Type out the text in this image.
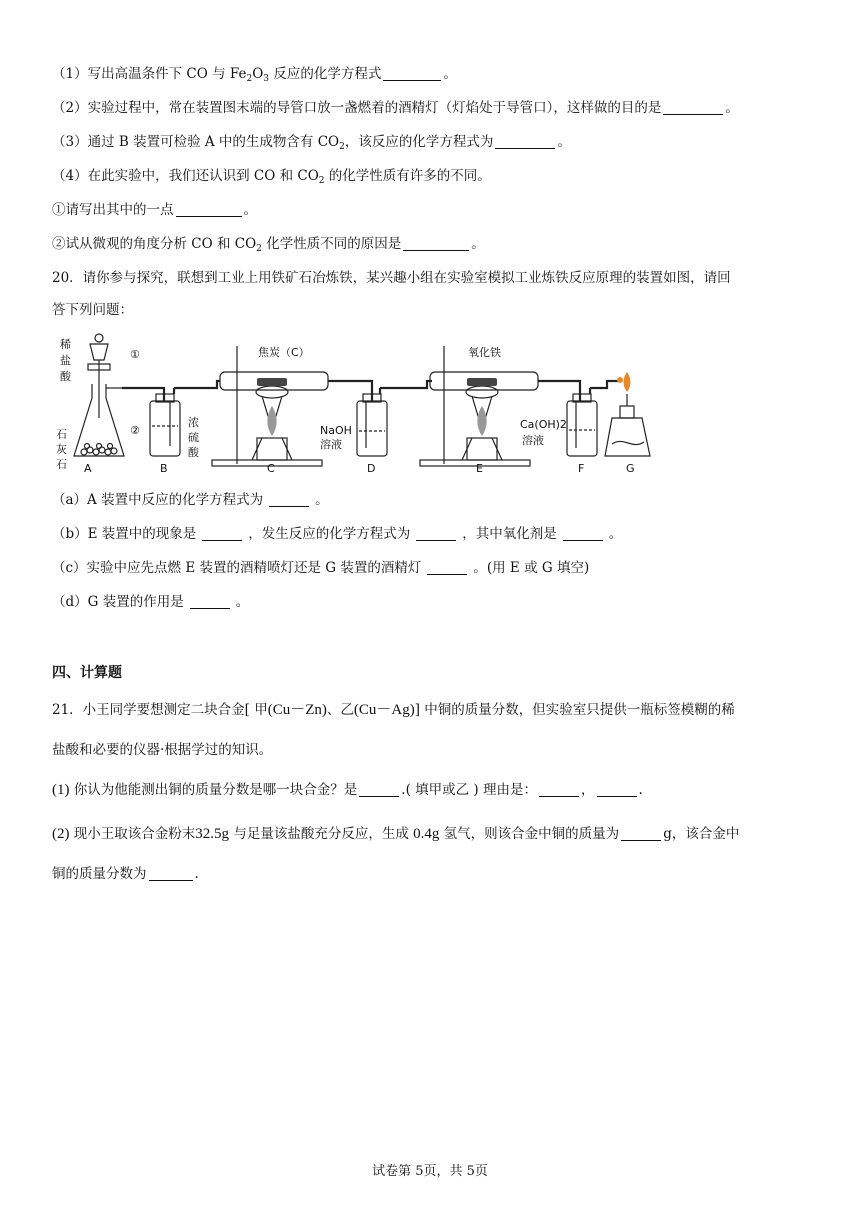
（1）写出高温条件下 CO 与 $Fe_2O_3$ 反应的化学方程式	。
（2）实验过程中，常在装置图末端的导管口放一盏燃着的酒精灯（灯焰处于导管口），这样做的目的是	。
（3）通过 B 装置可检验 A 中的生成物含有 $CO_2$，该反应的化学方程式为	。
（4）在此实验中，我们还认识到 CO 和 $CO_2$ 的化学性质有许多的不同。
①请写出其中的一点	。
②试从微观的角度分析 CO 和 $CO_2$ 化学性质不同的原因是	。
20．请你参与探究，联想到工业上用铁矿石冶炼铁，某兴趣小组在实验室模拟工业炼铁反应原理的装置如图，请回
答下列问题：
稀
盐
酸
①
②
石
灰
石
浓
硫
酸
焦炭（C）
NaOH
溶液
氧化铁
Ca(OH)2
溶液
A	B	C	D	E	F	G
（a）A 装置中反应的化学方程式为	。
（b）E 装置中的现象是	，发生反应的化学方程式为	，其中氧化剂是	。
（c）实验中应先点燃 E 装置的酒精喷灯还是 G 装置的酒精灯	。(用 E 或 G 填空)
（d）G 装置的作用是	。
四、计算题
21．小王同学要想测定二块合金[ 甲(Cu－Zn)、乙(Cu－Ag)] 中铜的质量分数，但实验室只提供一瓶标签模糊的稀
盐酸和必要的仪器·根据学过的知识。
(1) 你认为他能测出铜的质量分数是哪一块合金？是	.( 填甲或乙 ) 理由是：	，	.
(2) 现小王取该合金粉末32.5g 与足量该盐酸充分反应，生成 0.4g 氢气，则该合金中铜的质量为	g，该合金中
铜的质量分数为	.
试卷第 5页，共 5页
